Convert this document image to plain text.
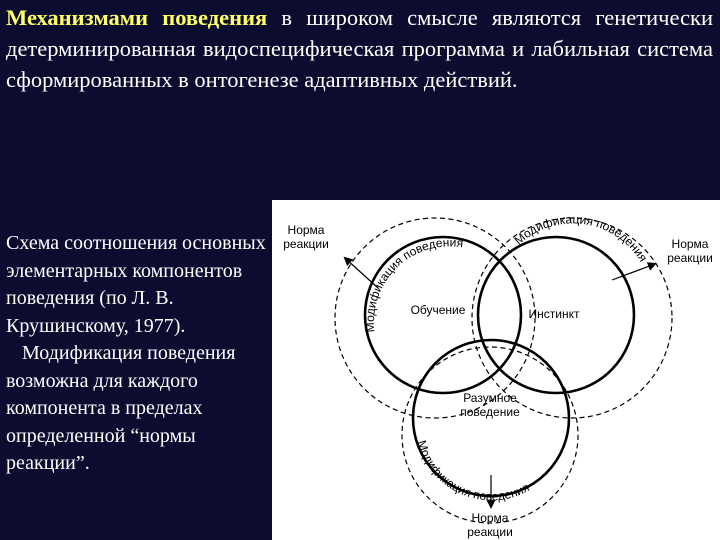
Механизмами поведения в широком смысле являются генетически детерминированная видоспецифическая программа и лабильная система сформированных в онтогенезе адаптивных действий.

Схема соотношения основных элементарных компонентов поведения (по Л. В. Крушинскому, 1977).

Модификация поведения возможна для каждого компонента в пределах определенной “нормы реакции”.

Модификация поведения	Модификация поведения
Модификация поведения
Обучение	Инстинкт
Разумное
поведение
Норма
реакции	Норма
реакции
Норма
реакции
